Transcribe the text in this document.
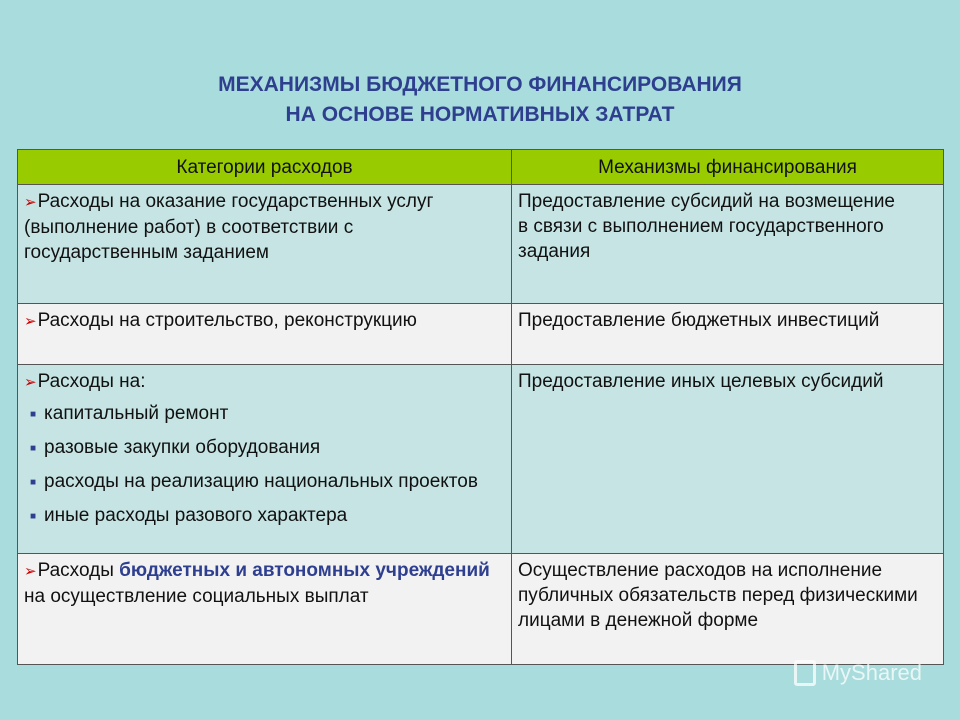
МЕХАНИЗМЫ БЮДЖЕТНОГО ФИНАНСИРОВАНИЯ
НА ОСНОВЕ НОРМАТИВНЫХ ЗАТРАТ
Категории расходов	Механизмы финансирования
➢Расходы на оказание государственных услуг (выполнение работ) в соответствии с государственным заданием	Предоставление субсидий на возмещение
в связи с выполнением государственного задания

➢Расходы на строительство, реконструкцию	Предоставление бюджетных инвестиций
➢Расходы на:
■ капитальный ремонт
■ разовые закупки оборудования
■ расходы на реализацию национальных проектов
■ иные расходы разового характера	Предоставление иных целевых субсидий
➢Расходы бюджетных и автономных учреждений на осуществление социальных выплат	Осуществление расходов на исполнение публичных обязательств перед физическими лицами в денежной форме
MyShared
